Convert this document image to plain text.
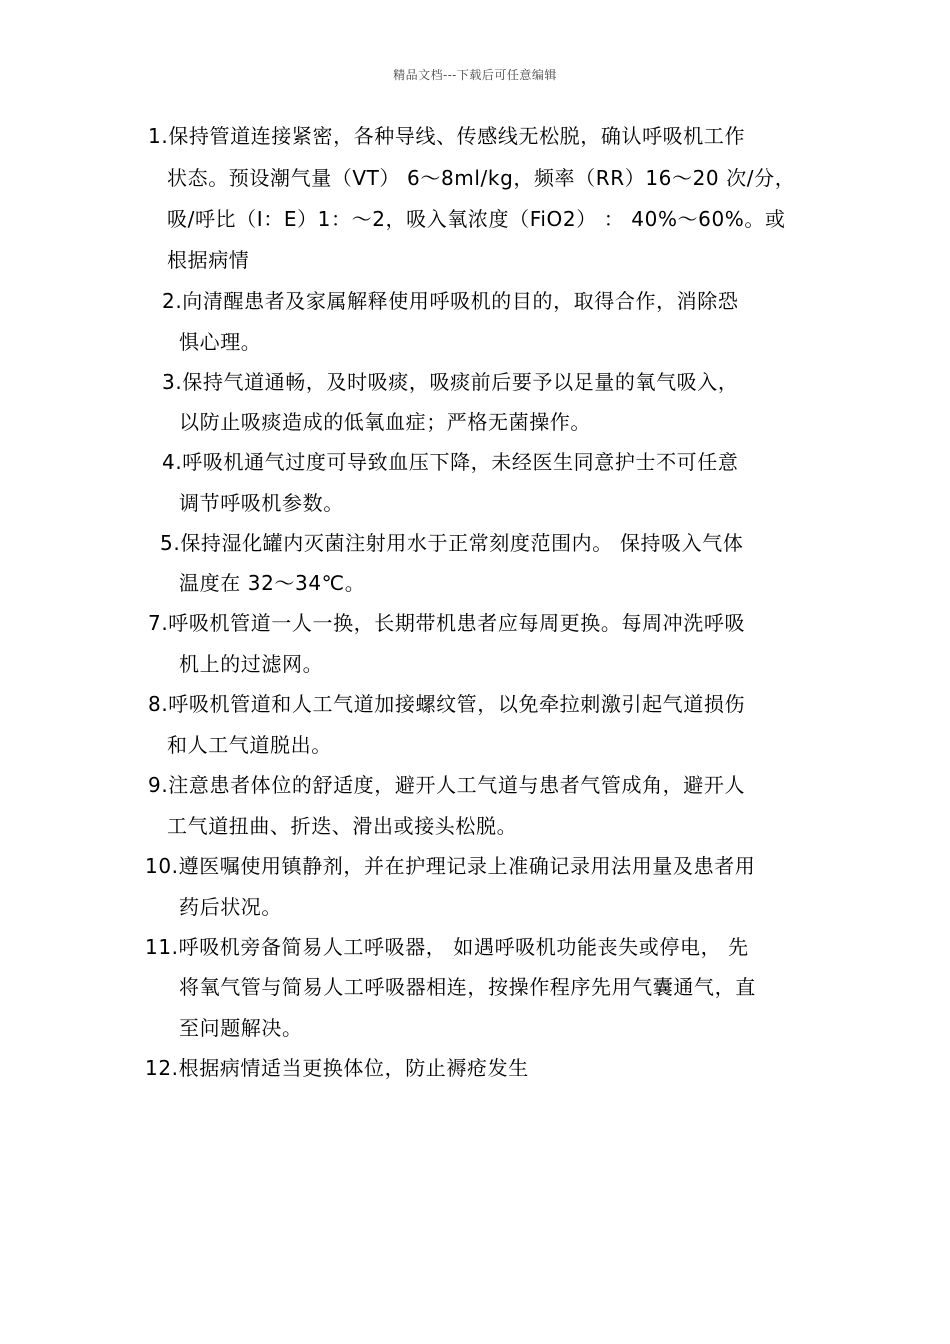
精品文档---下载后可任意编辑
1.保持管道连接紧密，各种导线、传感线无松脱，确认呼吸机工作
状态。预设潮气量（VT） 6～8ml/kg，频率（RR）16～20 次/分，
吸/呼比（I：E）1：～2，吸入氧浓度（FiO2） ： 40%～60%。或
根据病情
2.向清醒患者及家属解释使用呼吸机的目的，取得合作，消除恐
惧心理。
3.保持气道通畅，及时吸痰，吸痰前后要予以足量的氧气吸入，
以防止吸痰造成的低氧血症；严格无菌操作。
4.呼吸机通气过度可导致血压下降，未经医生同意护士不可任意
调节呼吸机参数。
5.保持湿化罐内灭菌注射用水于正常刻度范围内。 保持吸入气体
温度在 32～34℃。
7.呼吸机管道一人一换，长期带机患者应每周更换。每周冲洗呼吸
机上的过滤网。
8.呼吸机管道和人工气道加接螺纹管，以免牵拉刺激引起气道损伤
和人工气道脱出。
9.注意患者体位的舒适度，避开人工气道与患者气管成角，避开人
工气道扭曲、折迭、滑出或接头松脱。
10.遵医嘱使用镇静剂，并在护理记录上准确记录用法用量及患者用
药后状况。
11.呼吸机旁备简易人工呼吸器， 如遇呼吸机功能丧失或停电， 先
将氧气管与简易人工呼吸器相连，按操作程序先用气囊通气，直
至问题解决。
12.根据病情适当更换体位，防止褥疮发生
